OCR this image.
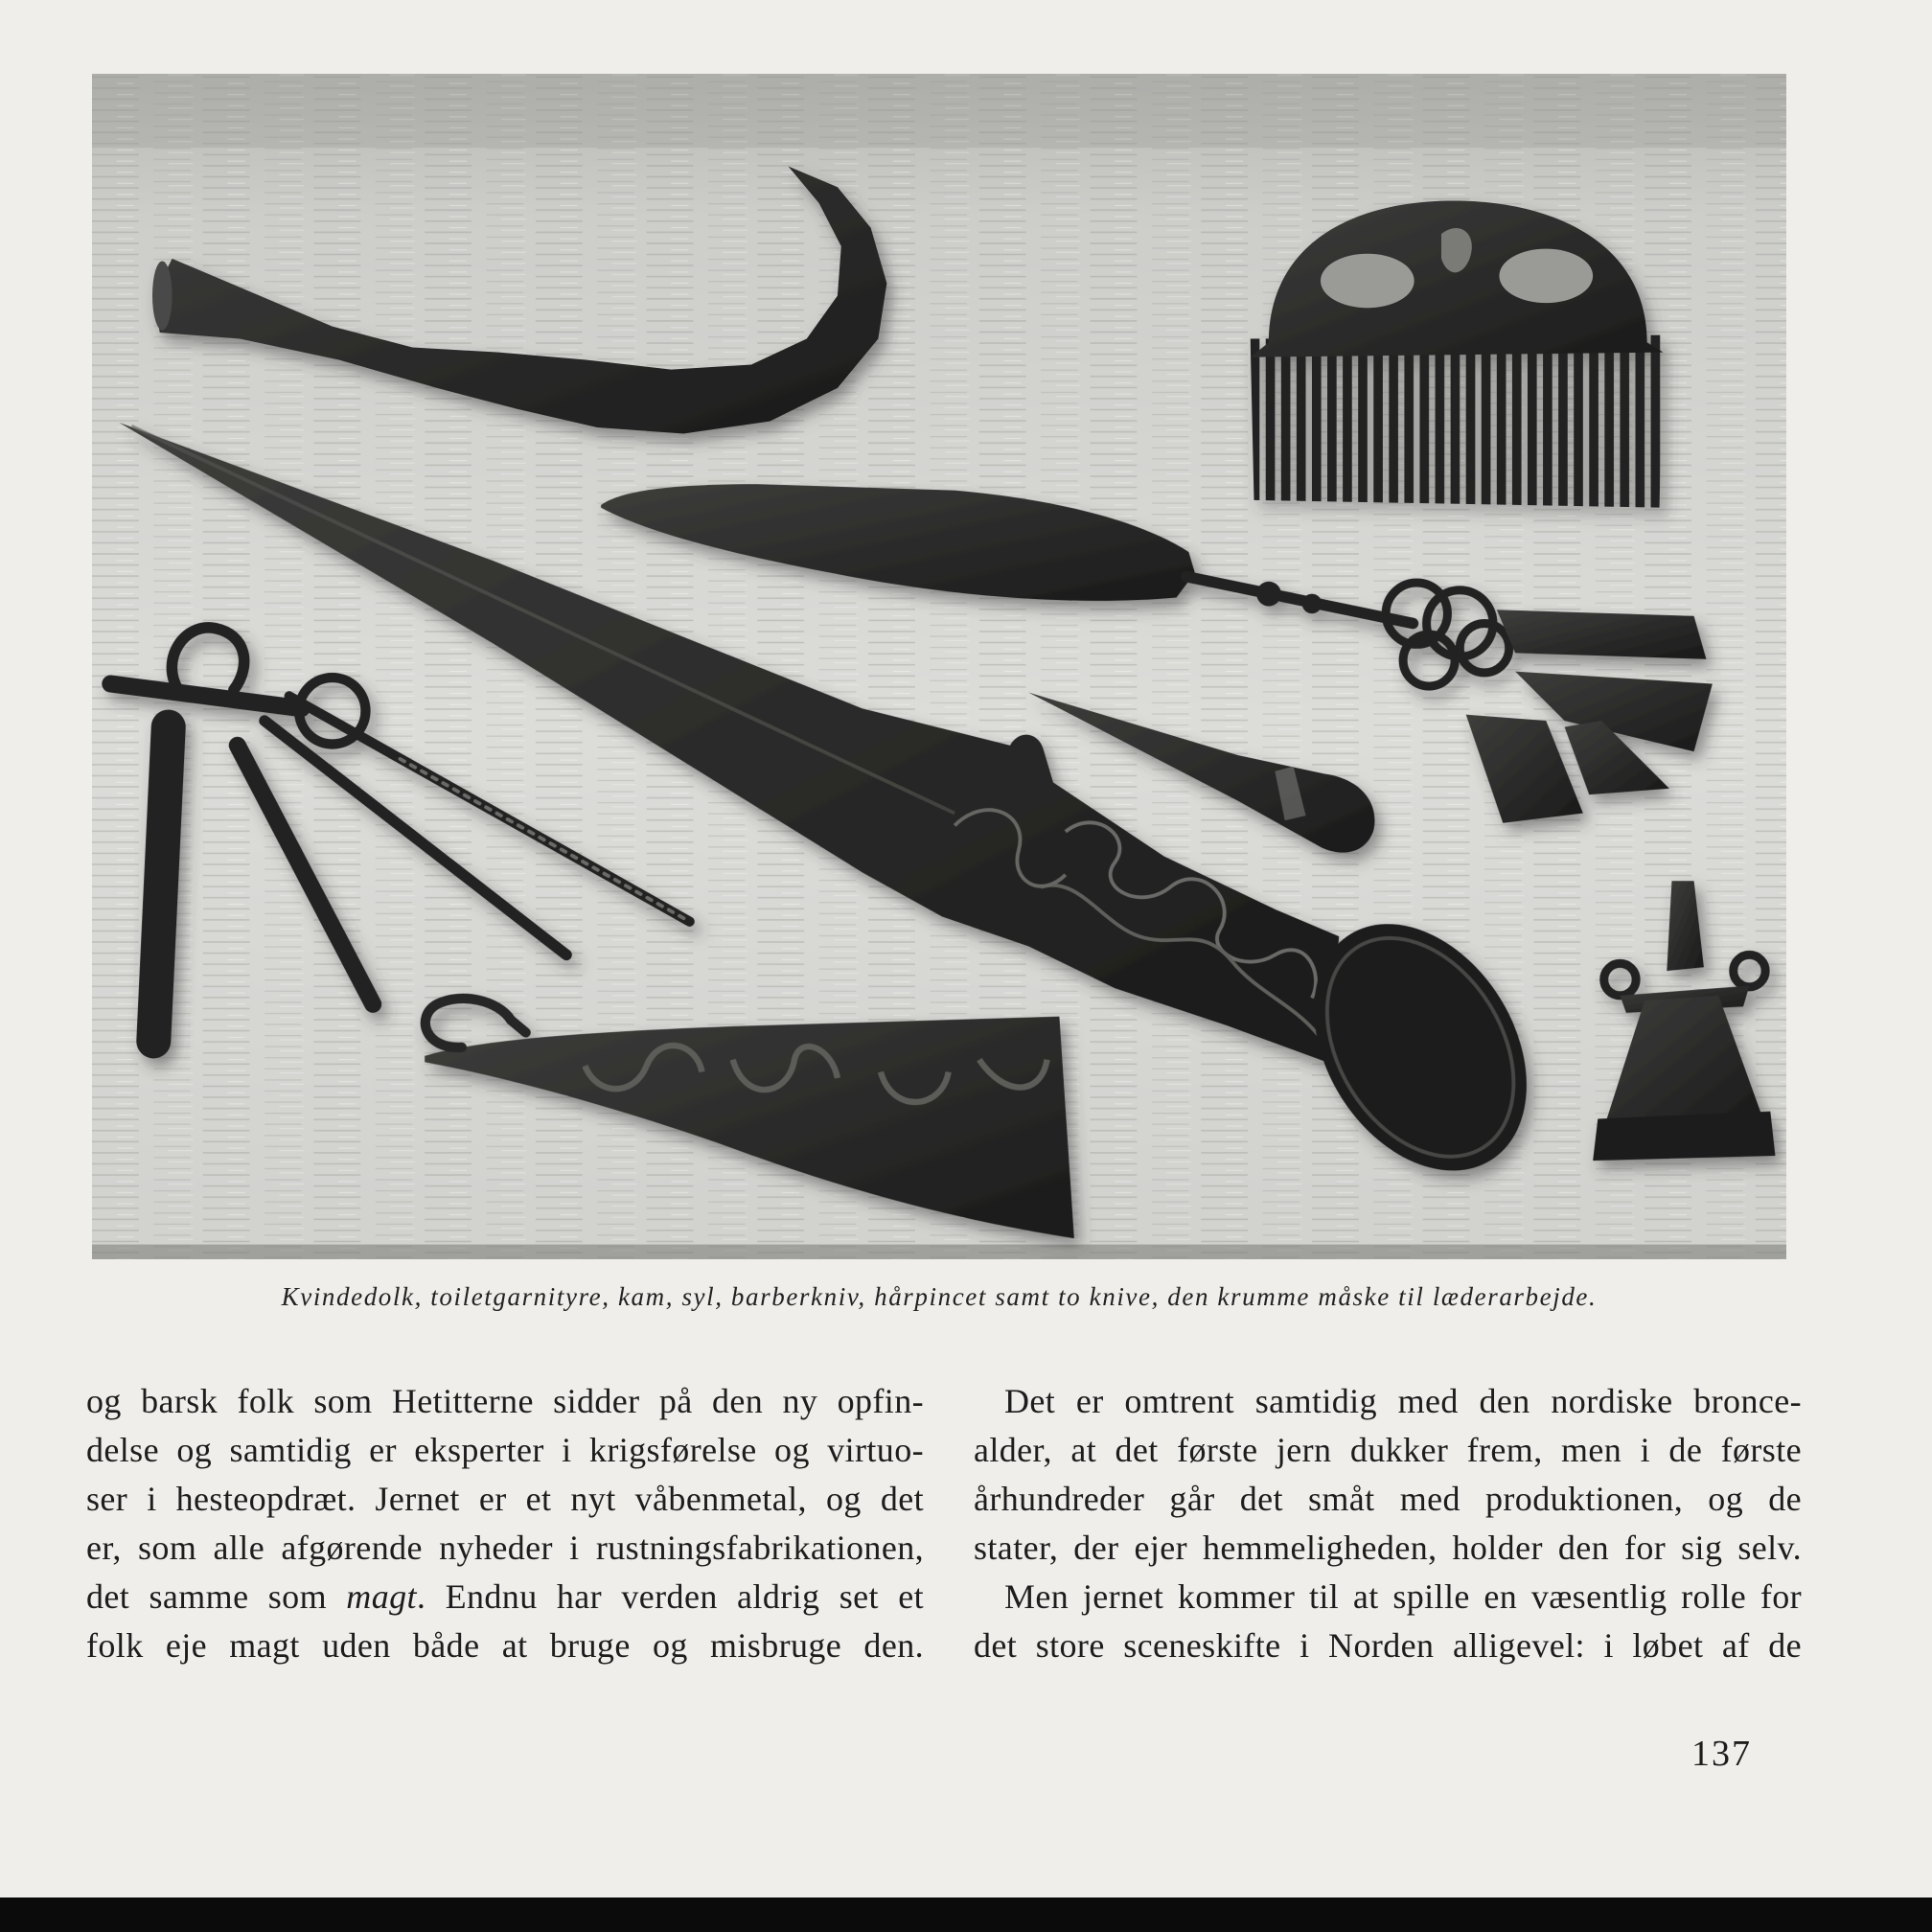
Kvindedolk, toiletgarnityre, kam, syl, barberkniv, hårpincet samt to knive, den krumme måske til læderarbejde.
og barsk folk som Hetitterne sidder på den ny opfin-
delse og samtidig er eksperter i krigsførelse og virtuo-
ser i hesteopdræt. Jernet er et nyt våbenmetal, og det
er, som alle afgørende nyheder i rustningsfabrikationen,
det samme som magt. Endnu har verden aldrig set et
folk eje magt uden både at bruge og misbruge den.
Det er omtrent samtidig med den nordiske bronce-
alder, at det første jern dukker frem, men i de første
århundreder går det småt med produktionen, og de
stater, der ejer hemmeligheden, holder den for sig selv.
Men jernet kommer til at spille en væsentlig rolle for
det store sceneskifte i Norden alligevel: i løbet af de
137
